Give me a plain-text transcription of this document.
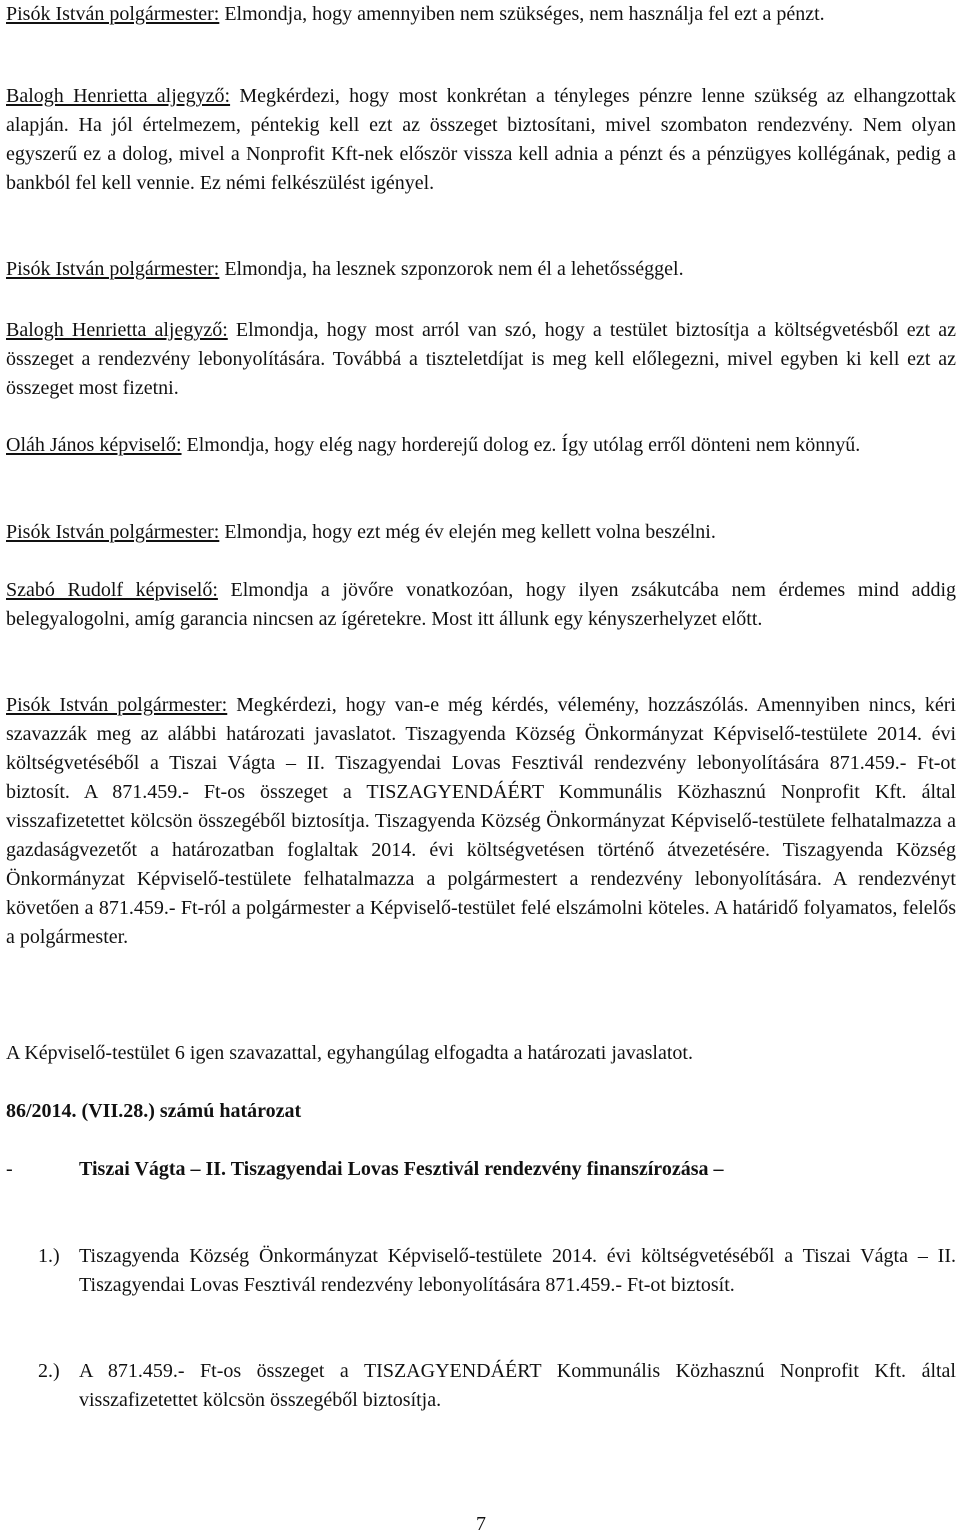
Pisók István polgármester: Elmondja, hogy amennyiben nem szükséges, nem használja fel ezt a pénzt.

Balogh Henrietta aljegyző: Megkérdezi, hogy most konkrétan a tényleges pénzre lenne szükség az elhangzottak alapján. Ha jól értelmezem, péntekig kell ezt az összeget biztosítani, mivel szombaton rendezvény. Nem olyan egyszerű ez a dolog, mivel a Nonprofit Kft-nek először vissza kell adnia a pénzt és a pénzügyes kollégának, pedig a bankból fel kell vennie. Ez némi felkészülést igényel.

Pisók István polgármester: Elmondja, ha lesznek szponzorok nem él a lehetősséggel.

Balogh Henrietta aljegyző: Elmondja, hogy most arról van szó, hogy a testület biztosítja a költségvetésből ezt az összeget a rendezvény lebonyolítására. Továbbá a tiszteletdíjat is meg kell előlegezni, mivel egyben ki kell ezt az összeget most fizetni.

Oláh János képviselő: Elmondja, hogy elég nagy horderejű dolog ez. Így utólag erről dönteni nem könnyű.

Pisók István polgármester: Elmondja, hogy ezt még év elején meg kellett volna beszélni.

Szabó Rudolf képviselő: Elmondja a jövőre vonatkozóan, hogy ilyen zsákutcába nem érdemes mind addig belegyalogolni, amíg garancia nincsen az ígéretekre. Most itt állunk egy kényszerhelyzet előtt.

Pisók István polgármester: Megkérdezi, hogy van-e még kérdés, vélemény, hozzászólás. Amennyiben nincs, kéri szavazzák meg az alábbi határozati javaslatot. Tiszagyenda Község Önkormányzat Képviselő-testülete 2014. évi költségvetéséből a Tiszai Vágta – II. Tiszagyendai Lovas Fesztivál rendezvény lebonyolítására 871.459.- Ft-ot biztosít. A 871.459.- Ft-os összeget a TISZAGYENDÁÉRT Kommunális Közhasznú Nonprofit Kft. által visszafizetettet kölcsön összegéből biztosítja. Tiszagyenda Község Önkormányzat Képviselő-testülete felhatalmazza a gazdaságvezetőt a határozatban foglaltak 2014. évi költségvetésen történő átvezetésére. Tiszagyenda Község Önkormányzat Képviselő-testülete felhatalmazza a polgármestert a rendezvény lebonyolítására. A rendezvényt követően a 871.459.- Ft-ról a polgármester a Képviselő-testület felé elszámolni köteles. A határidő folyamatos, felelős a polgármester.

A Képviselő-testület 6 igen szavazattal, egyhangúlag elfogadta a határozati javaslatot.

86/2014. (VII.28.) számú határozat

-	Tiszai Vágta – II. Tiszagyendai Lovas Fesztivál rendezvény finanszírozása –
1.) Tiszagyenda Község Önkormányzat Képviselő-testülete 2014. évi költségvetéséből a Tiszai Vágta – II. Tiszagyendai Lovas Fesztivál rendezvény lebonyolítására 871.459.- Ft-ot biztosít.
2.) A 871.459.- Ft-os összeget a TISZAGYENDÁÉRT Kommunális Közhasznú Nonprofit Kft. által visszafizetettet kölcsön összegéből biztosítja.
7
